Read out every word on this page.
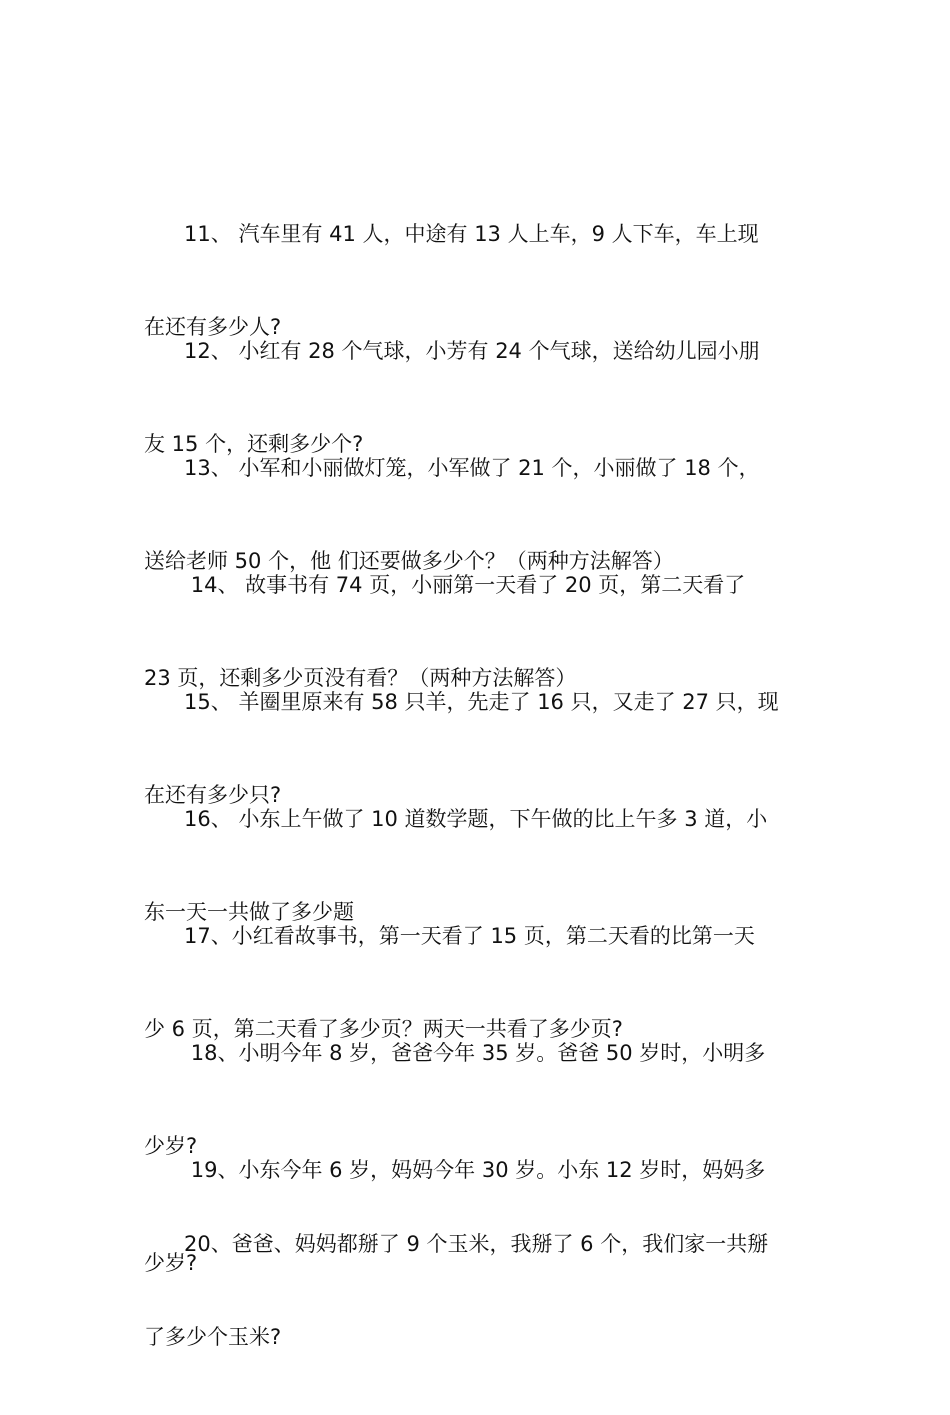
11、 汽车里有 41 人，中途有 13 人上车，9 人下车，车上现

在还有多少人?

12、 小红有 28 个气球，小芳有 24 个气球，送给幼儿园小朋

友 15 个，还剩多少个?

13、 小军和小丽做灯笼，小军做了 21 个，小丽做了 18 个，

送给老师 50 个，他 们还要做多少个？（两种方法解答）

14、 故事书有 74 页，小丽第一天看了 20 页，第二天看了

23 页，还剩多少页没有看？（两种方法解答）

15、 羊圈里原来有 58 只羊，先走了 16 只，又走了 27 只，现

在还有多少只?

16、 小东上午做了 10 道数学题，下午做的比上午多 3 道，小

东一天一共做了多少题

17、小红看故事书，第一天看了 15 页，第二天看的比第一天

少 6 页，第二天看了多少页？两天一共看了多少页?

18、小明今年 8 岁，爸爸今年 35 岁。爸爸 50 岁时，小明多

少岁?

19、小东今年 6 岁，妈妈今年 30 岁。小东 12 岁时，妈妈多

少岁?

20、爸爸、妈妈都掰了 9 个玉米，我掰了 6 个，我们家一共掰

了多少个玉米?
